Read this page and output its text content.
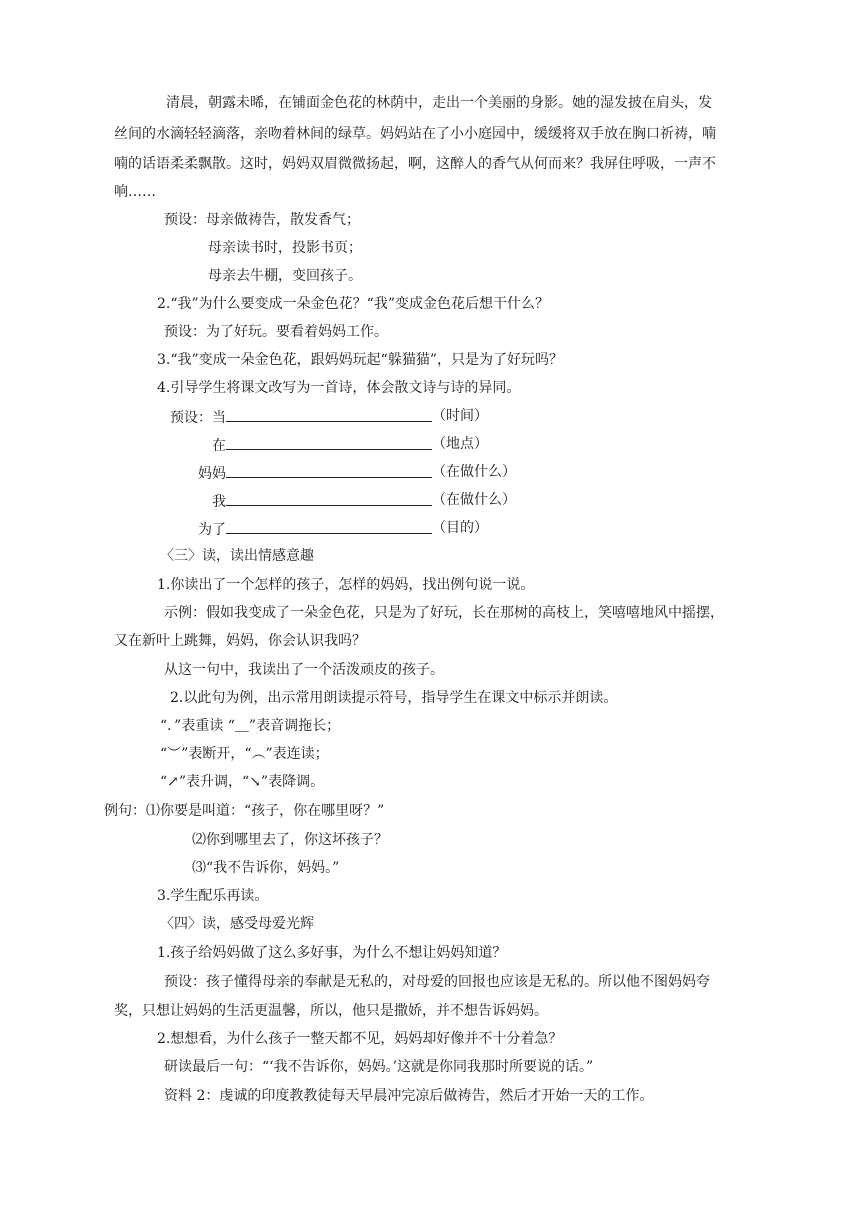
清晨，朝露未晞，在铺面金色花的林荫中，走出一个美丽的身影。她的湿发披在肩头，发
丝间的水滴轻轻滴落，亲吻着林间的绿草。妈妈站在了小小庭园中，缓缓将双手放在胸口祈祷，喃
喃的话语柔柔飘散。这时，妈妈双眉微微扬起，啊，这醉人的香气从何而来？我屏住呼吸，一声不
响……
预设：母亲做祷告，散发香气；
母亲读书时，投影书页；
母亲去牛棚，变回孩子。
2.“我”为什么要变成一朵金色花？“我”变成金色花后想干什么？
预设：为了好玩。要看着妈妈工作。
3.“我”变成一朵金色花，跟妈妈玩起“躲猫猫”，只是为了好玩吗？
4.引导学生将课文改写为一首诗，体会散文诗与诗的异同。
预设：当	（时间）
在	（地点）
妈妈	（在做什么）
我	（在做什么）
为了	（目的）
〈三〉读，读出情感意趣
1.你读出了一个怎样的孩子，怎样的妈妈，找出例句说一说。
示例：假如我变成了一朵金色花，只是为了好玩，长在那树的高枝上，笑嘻嘻地风中摇摆，
又在新叶上跳舞，妈妈，你会认识我吗？
从这一句中，我读出了一个活泼顽皮的孩子。
2.以此句为例，出示常用朗读提示符号，指导学生在课文中标示并朗读。
“．”表重读 “＿”表音调拖长；
“︶”表断开，“︵”表连读；
“↗”表升调，“↘”表降调。
例句：⑴你要是叫道：“孩子，你在哪里呀？”
⑵你到哪里去了，你这坏孩子？
⑶“我不告诉你，妈妈。”
3.学生配乐再读。
〈四〉读，感受母爱光辉
1.孩子给妈妈做了这么多好事，为什么不想让妈妈知道？
预设：孩子懂得母亲的奉献是无私的，对母爱的回报也应该是无私的。所以他不图妈妈夸
奖，只想让妈妈的生活更温馨，所以，他只是撒娇，并不想告诉妈妈。
2.想想看，为什么孩子一整天都不见，妈妈却好像并不十分着急？
研读最后一句：“‘我不告诉你，妈妈。’这就是你同我那时所要说的话。”
资料 2：虔诚的印度教教徒每天早晨冲完凉后做祷告，然后才开始一天的工作。
